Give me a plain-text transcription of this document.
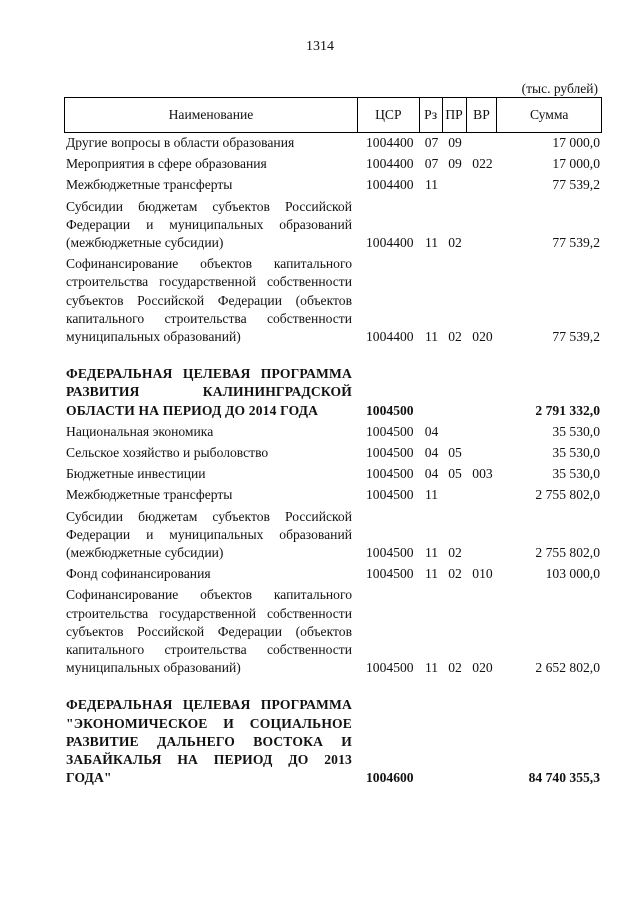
1314
(тыс. рублей)
Наименование	ЦСР	Рз ПР ВР	Сумма
Другие вопросы в области образования	1004400 07 09	17 000,0
Мероприятия в сфере образования	1004400 07 09 022	17 000,0
Межбюджетные трансферты	1004400 11	77 539,2
Субсидии бюджетам субъектов Российской Федерации и муниципальных образований (межбюджетные субсидии)	1004400 11 02	77 539,2
Софинансирование объектов капитального строительства государственной собственности субъектов Российской Федерации (объектов капитального строительства собственности муниципальных образований)	1004400 11 02 020	77 539,2
ФЕДЕРАЛЬНАЯ ЦЕЛЕВАЯ ПРОГРАММА РАЗВИТИЯ КАЛИНИНГРАДСКОЙ ОБЛАСТИ НА ПЕРИОД ДО 2014 ГОДА	1004500	2 791 332,0
Национальная экономика	1004500 04	35 530,0
Сельское хозяйство и рыболовство	1004500 04 05	35 530,0
Бюджетные инвестиции	1004500 04 05 003	35 530,0
Межбюджетные трансферты	1004500 11	2 755 802,0
Субсидии бюджетам субъектов Российской Федерации и муниципальных образований (межбюджетные субсидии)	1004500 11 02	2 755 802,0
Фонд софинансирования	1004500 11 02 010	103 000,0
Софинансирование объектов капитального строительства государственной собственности субъектов Российской Федерации (объектов капитального строительства собственности муниципальных образований)	1004500 11 02 020	2 652 802,0
ФЕДЕРАЛЬНАЯ ЦЕЛЕВАЯ ПРОГРАММА "ЭКОНОМИЧЕСКОЕ И СОЦИАЛЬНОЕ РАЗВИТИЕ ДАЛЬНЕГО ВОСТОКА И ЗАБАЙКАЛЬЯ НА ПЕРИОД ДО 2013 ГОДА"	1004600	84 740 355,3
